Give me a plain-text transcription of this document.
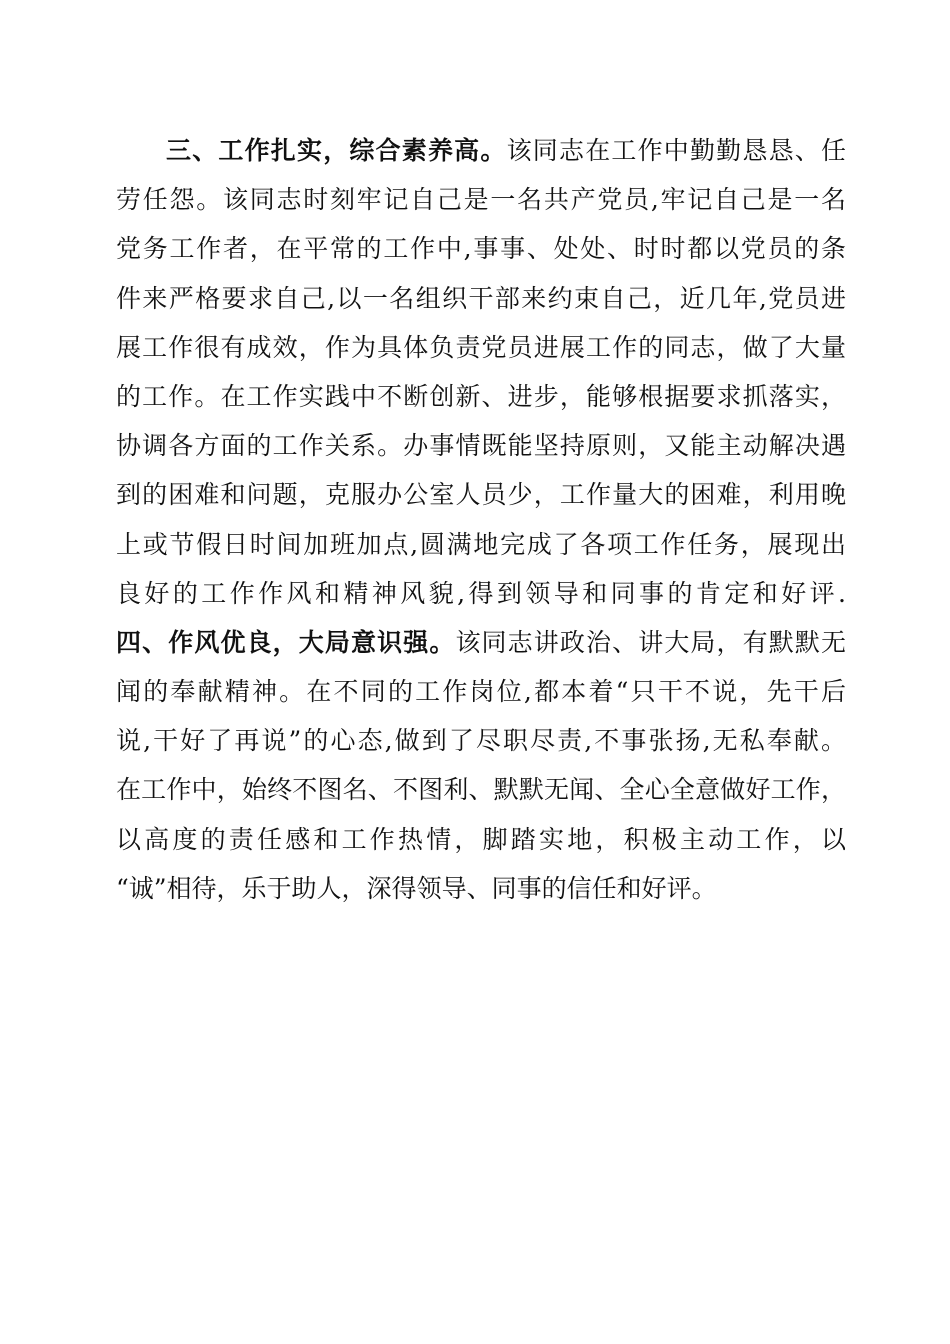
三、工作扎实，综合素养高。该同志在工作中勤勤恳恳、任
劳任怨。该同志时刻牢记自己是一名共产党员,牢记自己是一名
党务工作者，在平常的工作中,事事、处处、时时都以党员的条
件来严格要求自己,以一名组织干部来约束自己，近几年,党员进
展工作很有成效，作为具体负责党员进展工作的同志，做了大量
的工作。在工作实践中不断创新、进步，能够根据要求抓落实，
协调各方面的工作关系。办事情既能坚持原则，又能主动解决遇
到的困难和问题，克服办公室人员少，工作量大的困难，利用晚
上或节假日时间加班加点,圆满地完成了各项工作任务，展现出
良好的工作作风和精神风貌,得到领导和同事的肯定和好评.
四、作风优良，大局意识强。该同志讲政治、讲大局，有默默无
闻的奉献精神。在不同的工作岗位,都本着“只干不说，先干后
说,干好了再说”的心态,做到了尽职尽责,不事张扬,无私奉献。
在工作中，始终不图名、不图利、默默无闻、全心全意做好工作，
以高度的责任感和工作热情，脚踏实地，积极主动工作，以
“诚”相待，乐于助人，深得领导、同事的信任和好评。
